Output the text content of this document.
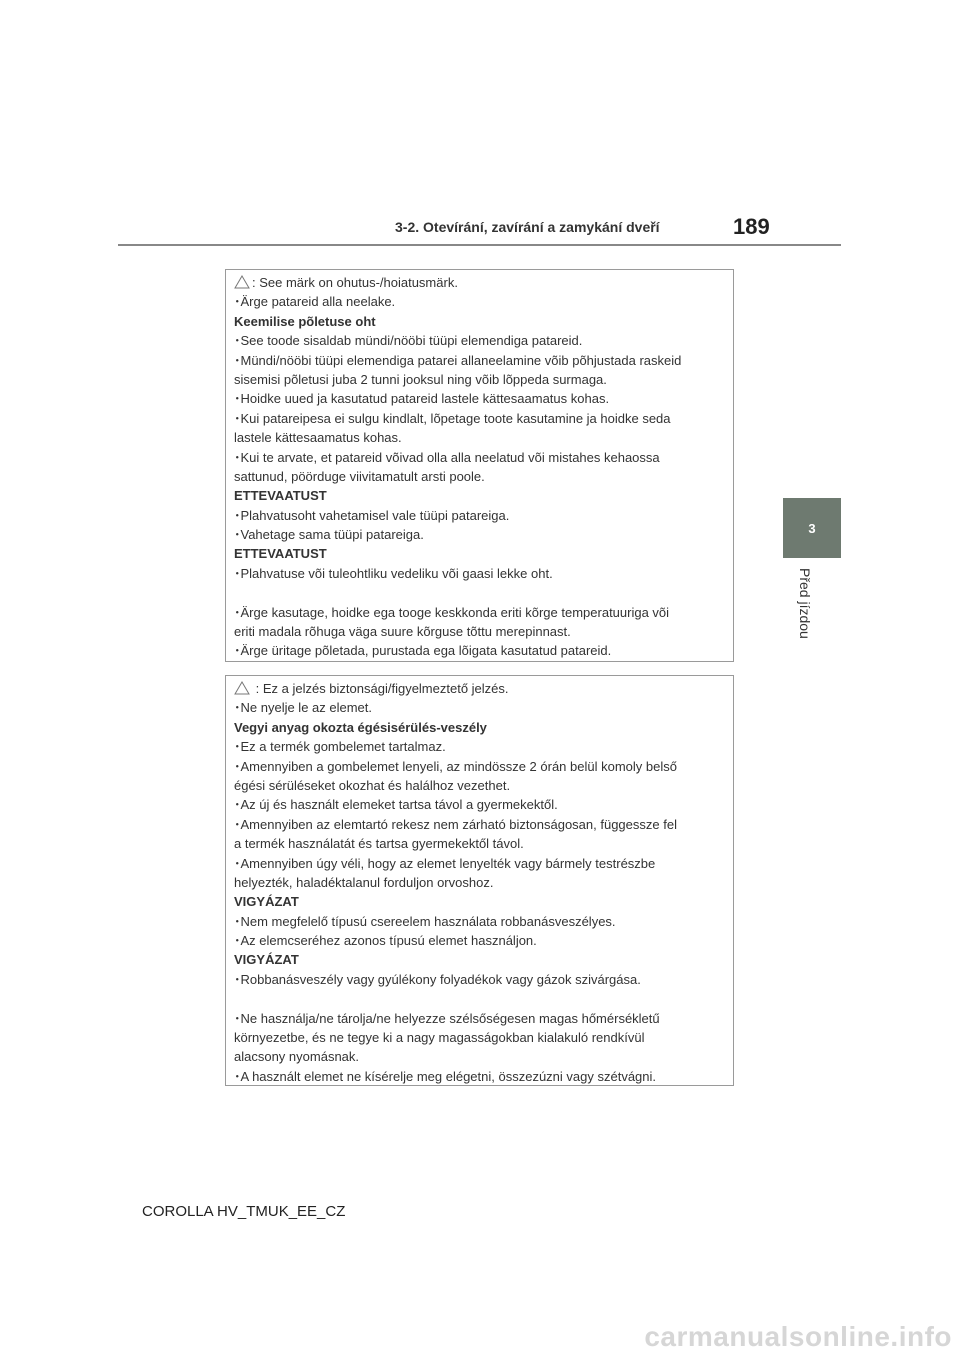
3-2. Otevírání, zavírání a zamykání dveří	189
3
Před jízdou
: See märk on ohutus-/hoiatusmärk.
･Ärge patareid alla neelake.
Keemilise põletuse oht
･See toode sisaldab mündi/nööbi tüüpi elemendiga patareid.
･Mündi/nööbi tüüpi elemendiga patarei allaneelamine võib põhjustada raskeid
sisemisi põletusi juba 2 tunni jooksul ning võib lõppeda surmaga.
･Hoidke uued ja kasutatud patareid lastele kättesaamatus kohas.
･Kui patareipesa ei sulgu kindlalt, lõpetage toote kasutamine ja hoidke seda
lastele kättesaamatus kohas.
･Kui te arvate, et patareid võivad olla alla neelatud või mistahes kehaossa
sattunud, pöörduge viivitamatult arsti poole.
ETTEVAATUST
･Plahvatusoht vahetamisel vale tüüpi patareiga.
･Vahetage sama tüüpi patareiga.
ETTEVAATUST
･Plahvatuse või tuleohtliku vedeliku või gaasi lekke oht.
･Ärge kasutage, hoidke ega tooge keskkonda eriti kõrge temperatuuriga või
eriti madala rõhuga väga suure kõrguse tõttu merepinnast.
･Ärge üritage põletada, purustada ega lõigata kasutatud patareid.
: Ez a jelzés biztonsági/figyelmeztető jelzés.
･Ne nyelje le az elemet.
Vegyi anyag okozta égésisérülés-veszély
･Ez a termék gombelemet tartalmaz.
･Amennyiben a gombelemet lenyeli, az mindössze 2 órán belül komoly belső
égési sérüléseket okozhat és halálhoz vezethet.
･Az új és használt elemeket tartsa távol a gyermekektől.
･Amennyiben az elemtartó rekesz nem zárható biztonságosan, függessze fel
a termék használatát és tartsa gyermekektől távol.
･Amennyiben úgy véli, hogy az elemet lenyelték vagy bármely testrészbe
helyezték, haladéktalanul forduljon orvoshoz.
VIGYÁZAT
･Nem megfelelő típusú csereelem használata robbanásveszélyes.
･Az elemcseréhez azonos típusú elemet használjon.
VIGYÁZAT
･Robbanásveszély vagy gyúlékony folyadékok vagy gázok szivárgása.
･Ne használja/ne tárolja/ne helyezze szélsőségesen magas hőmérsékletű
környezetbe, és ne tegye ki a nagy magasságokban kialakuló rendkívül
alacsony nyomásnak.
･A használt elemet ne kísérelje meg elégetni, összezúzni vagy szétvágni.
COROLLA HV_TMUK_EE_CZ
carmanualsonline.info
